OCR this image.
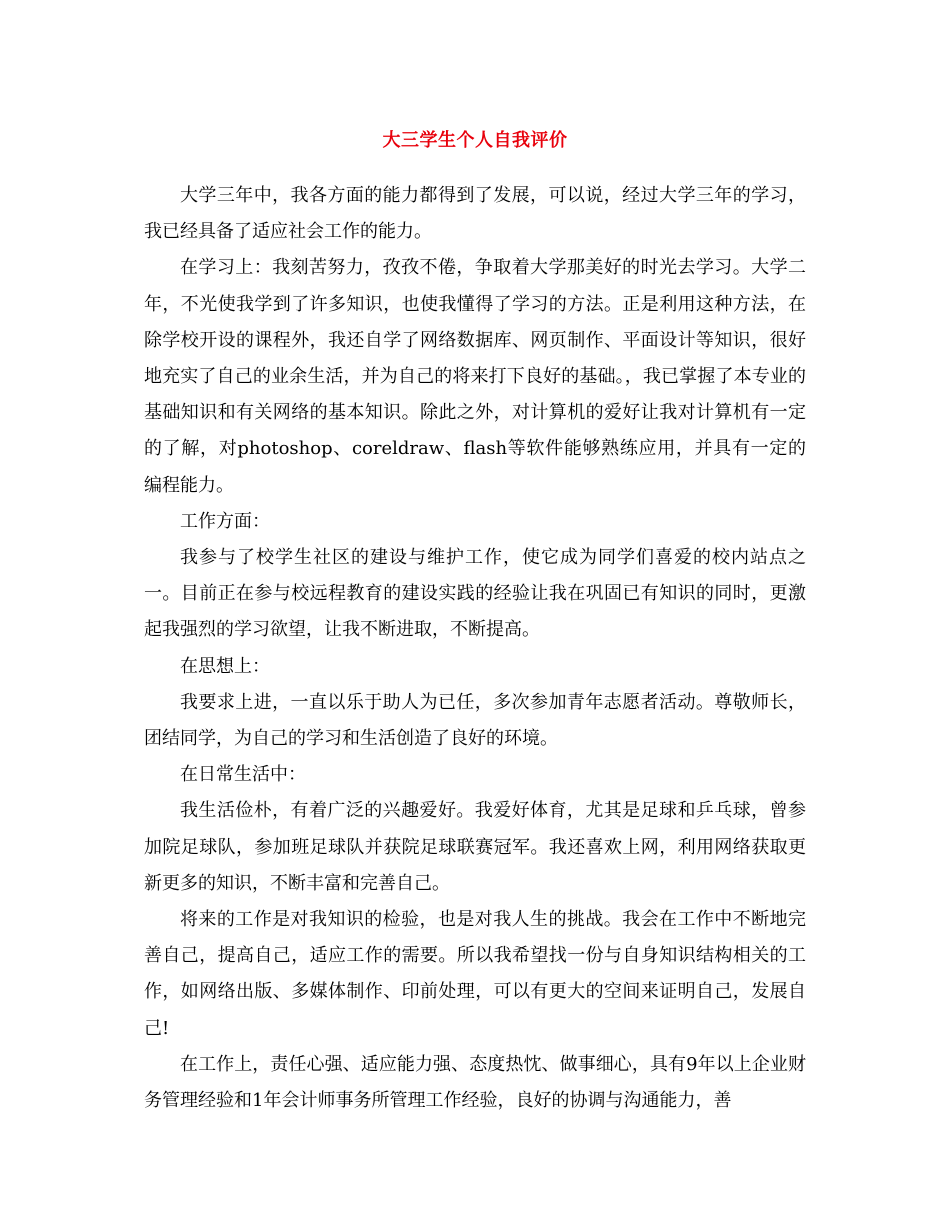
大三学生个人自我评价

大学三年中，我各方面的能力都得到了发展，可以说，经过大学三年的学习，我已经具备了适应社会工作的能力。

在学习上：我刻苦努力，孜孜不倦，争取着大学那美好的时光去学习。大学二年，不光使我学到了许多知识，也使我懂得了学习的方法。正是利用这种方法，在除学校开设的课程外，我还自学了网络数据库、网页制作、平面设计等知识，很好地充实了自己的业余生活，并为自己的将来打下良好的基础。，我已掌握了本专业的基础知识和有关网络的基本知识。除此之外，对计算机的爱好让我对计算机有一定的了解，对photoshop、coreldraw、flash等软件能够熟练应用，并具有一定的编程能力。

工作方面：

我参与了校学生社区的建设与维护工作，使它成为同学们喜爱的校内站点之一。目前正在参与校远程教育的建设实践的经验让我在巩固已有知识的同时，更激起我强烈的学习欲望，让我不断进取，不断提高。

在思想上：

我要求上进，一直以乐于助人为已任，多次参加青年志愿者活动。尊敬师长，团结同学，为自己的学习和生活创造了良好的环境。

在日常生活中：

我生活俭朴，有着广泛的兴趣爱好。我爱好体育，尤其是足球和乒乓球，曾参加院足球队，参加班足球队并获院足球联赛冠军。我还喜欢上网，利用网络获取更新更多的知识，不断丰富和完善自己。

将来的工作是对我知识的检验，也是对我人生的挑战。我会在工作中不断地完善自己，提高自己，适应工作的需要。所以我希望找一份与自身知识结构相关的工作，如网络出版、多媒体制作、印前处理，可以有更大的空间来证明自己，发展自己!

在工作上，责任心强、适应能力强、态度热忱、做事细心，具有9年以上企业财务管理经验和1年会计师事务所管理工作经验，良好的协调与沟通能力，善
